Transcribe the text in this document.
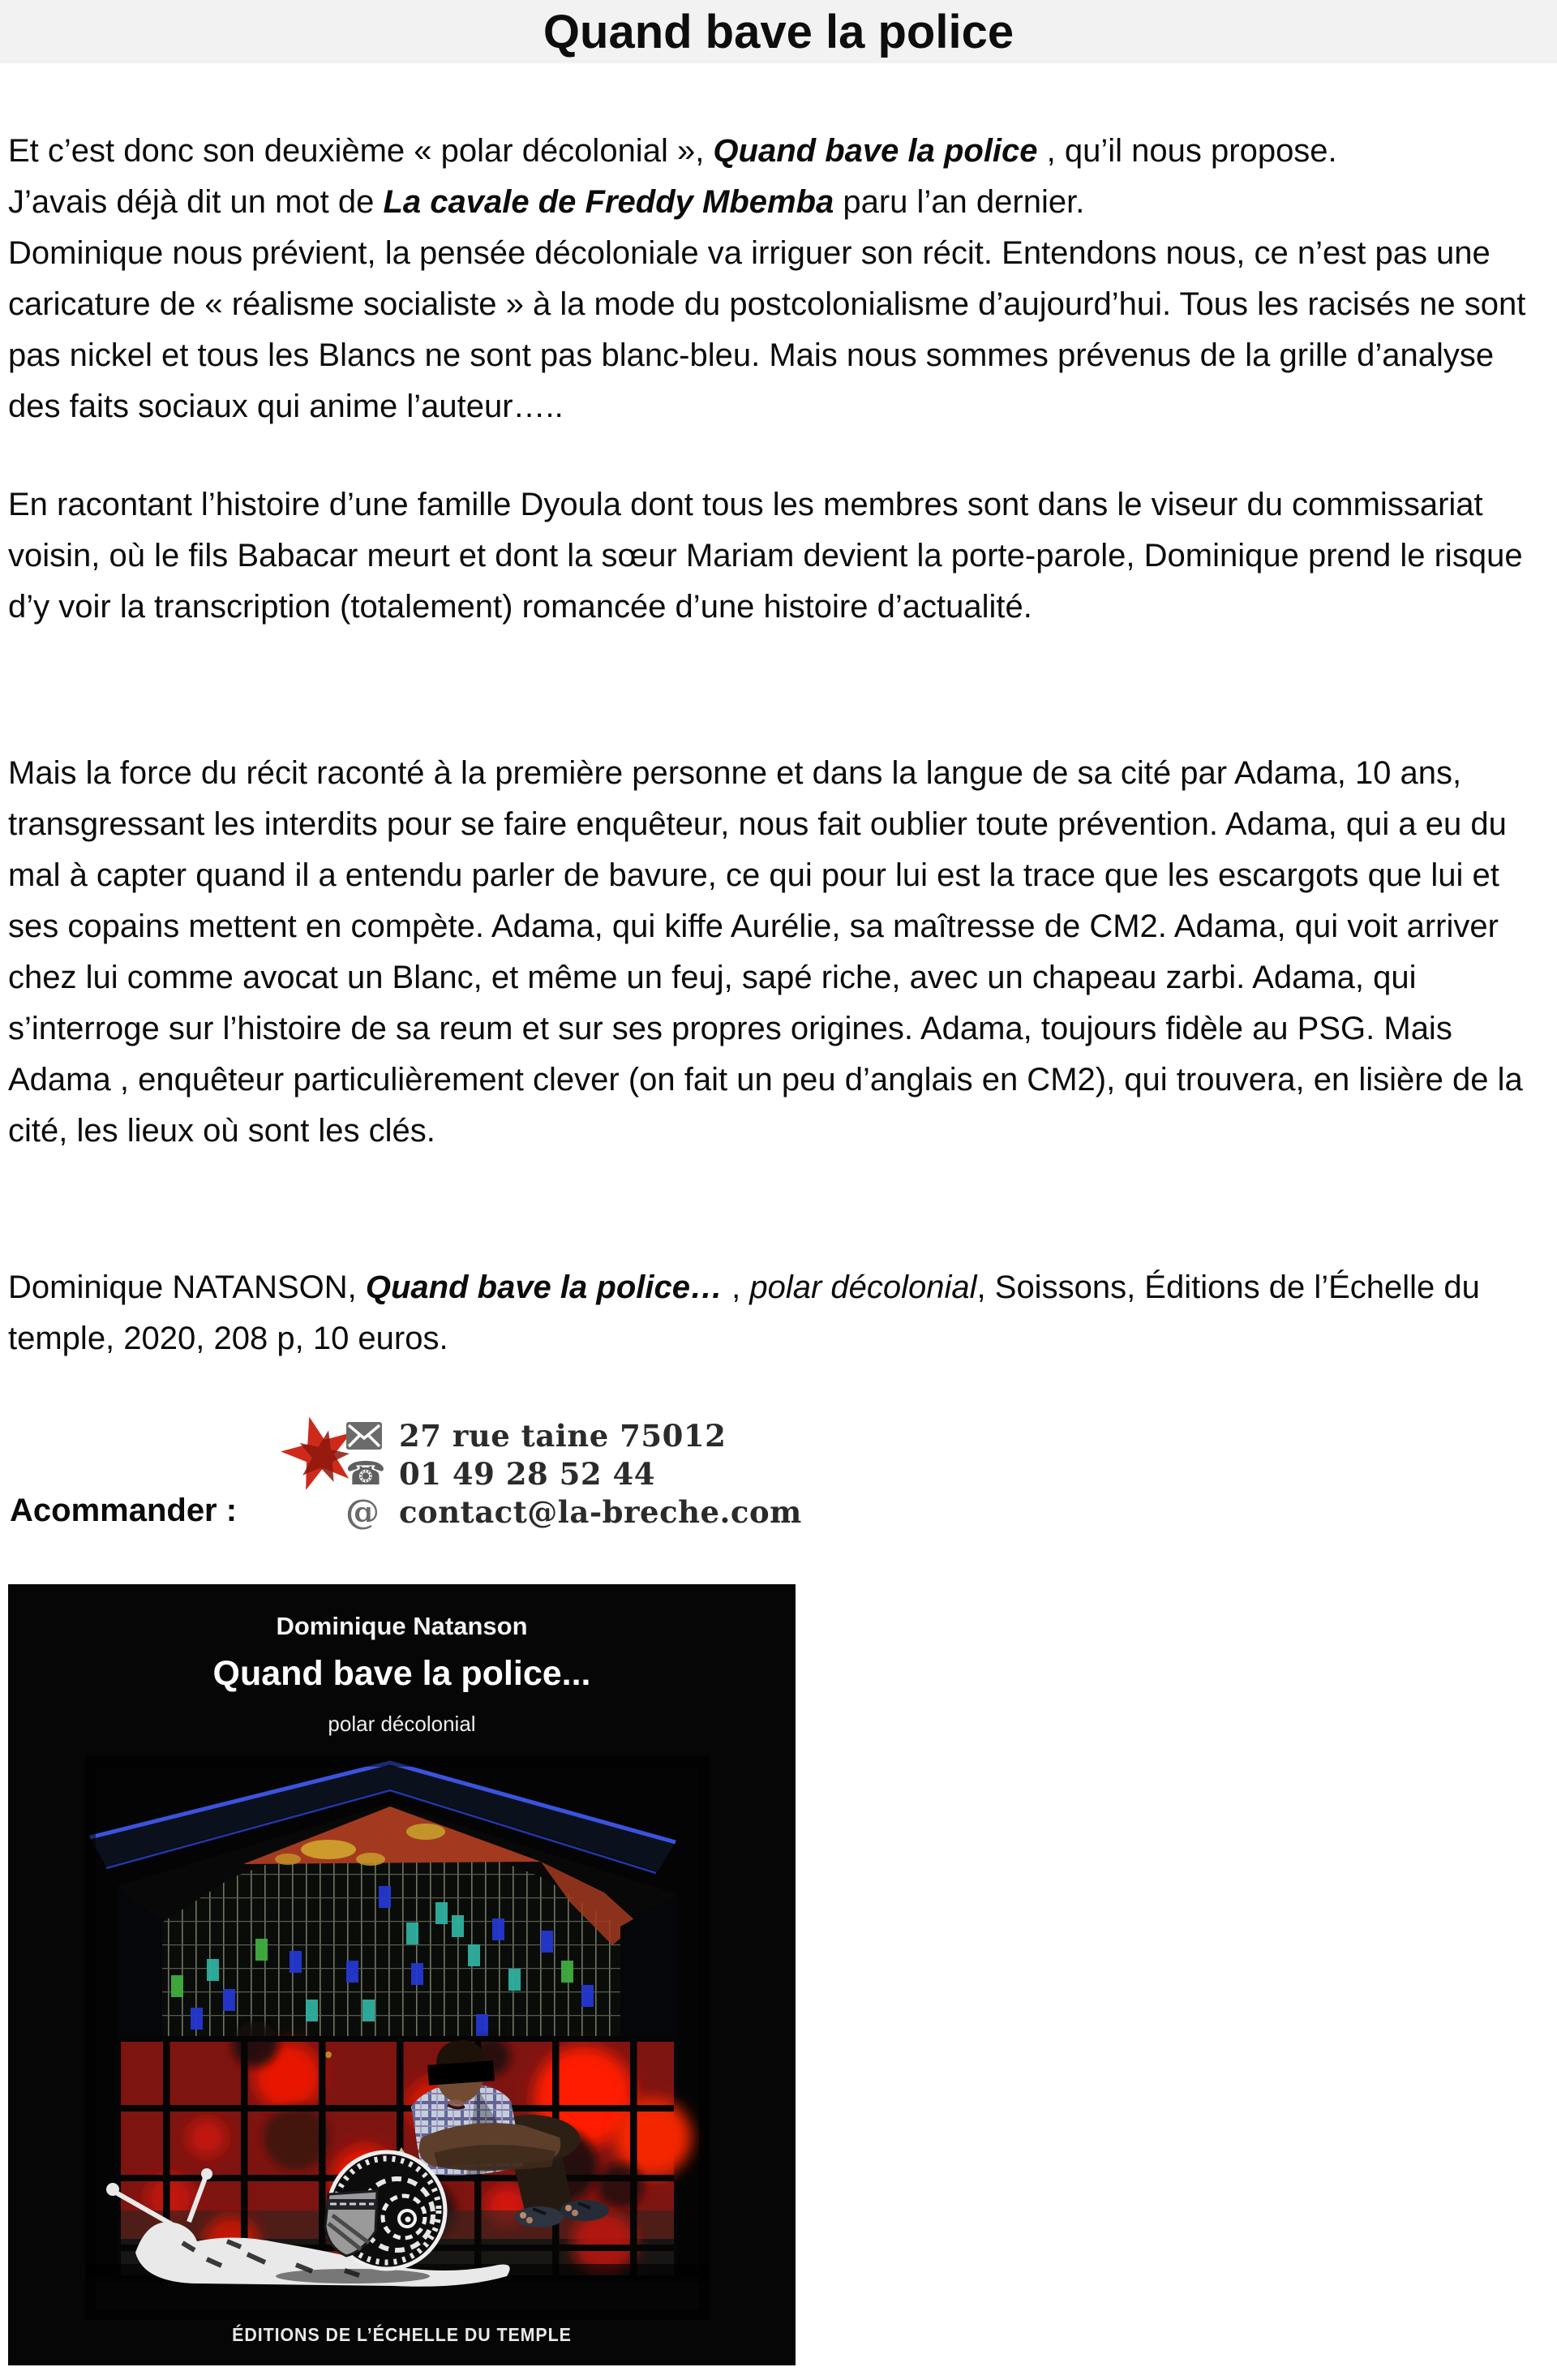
Quand bave la police
Et c’est donc son deuxième « polar décolonial », Quand bave la police , qu’il nous propose.
J’avais déjà dit un mot de La cavale de Freddy Mbemba paru l’an dernier.
Dominique nous prévient, la pensée décoloniale va irriguer son récit. Entendons nous, ce n’est pas une caricature de « réalisme socialiste » à la mode du postcolonialisme d’aujourd’hui. Tous les racisés ne sont pas nickel et tous les Blancs ne sont pas blanc-bleu. Mais nous sommes prévenus de la grille d’analyse des faits sociaux qui anime l’auteur…..
En racontant l’histoire d’une famille Dyoula dont tous les membres sont dans le viseur du commissariat voisin, où le fils Babacar meurt et dont la sœur Mariam devient la porte-parole, Dominique prend le risque d’y voir la transcription (totalement) romancée d’une histoire d’actualité.
Mais la force du récit raconté à la première personne et dans la langue de sa cité par Adama, 10 ans, transgressant les interdits pour se faire enquêteur, nous fait oublier toute prévention. Adama, qui a eu du mal à capter quand il a entendu parler de bavure, ce qui pour lui est la trace que les escargots que lui et ses copains mettent en compète. Adama, qui kiffe Aurélie, sa maîtresse de CM2. Adama, qui voit arriver chez lui comme avocat un Blanc, et même un feuj, sapé riche, avec un chapeau zarbi. Adama, qui s’interroge sur l’histoire de sa reum et sur ses propres origines. Adama, toujours fidèle au PSG. Mais Adama , enquêteur particulièrement clever (on fait un peu d’anglais en CM2), qui trouvera, en lisière de la cité, les lieux où sont les clés.
Dominique NATANSON, Quand bave la police… , polar décolonial, Soissons, Éditions de l’Échelle du temple, 2020, 208 p, 10 euros.
Acommander :
27 rue taine 75012
☎ 01 49 28 52 44
@ contact@la-breche.com
Dominique Natanson
Quand bave la police...
polar décolonial
ÉDITIONS DE L’ÉCHELLE DU TEMPLE
